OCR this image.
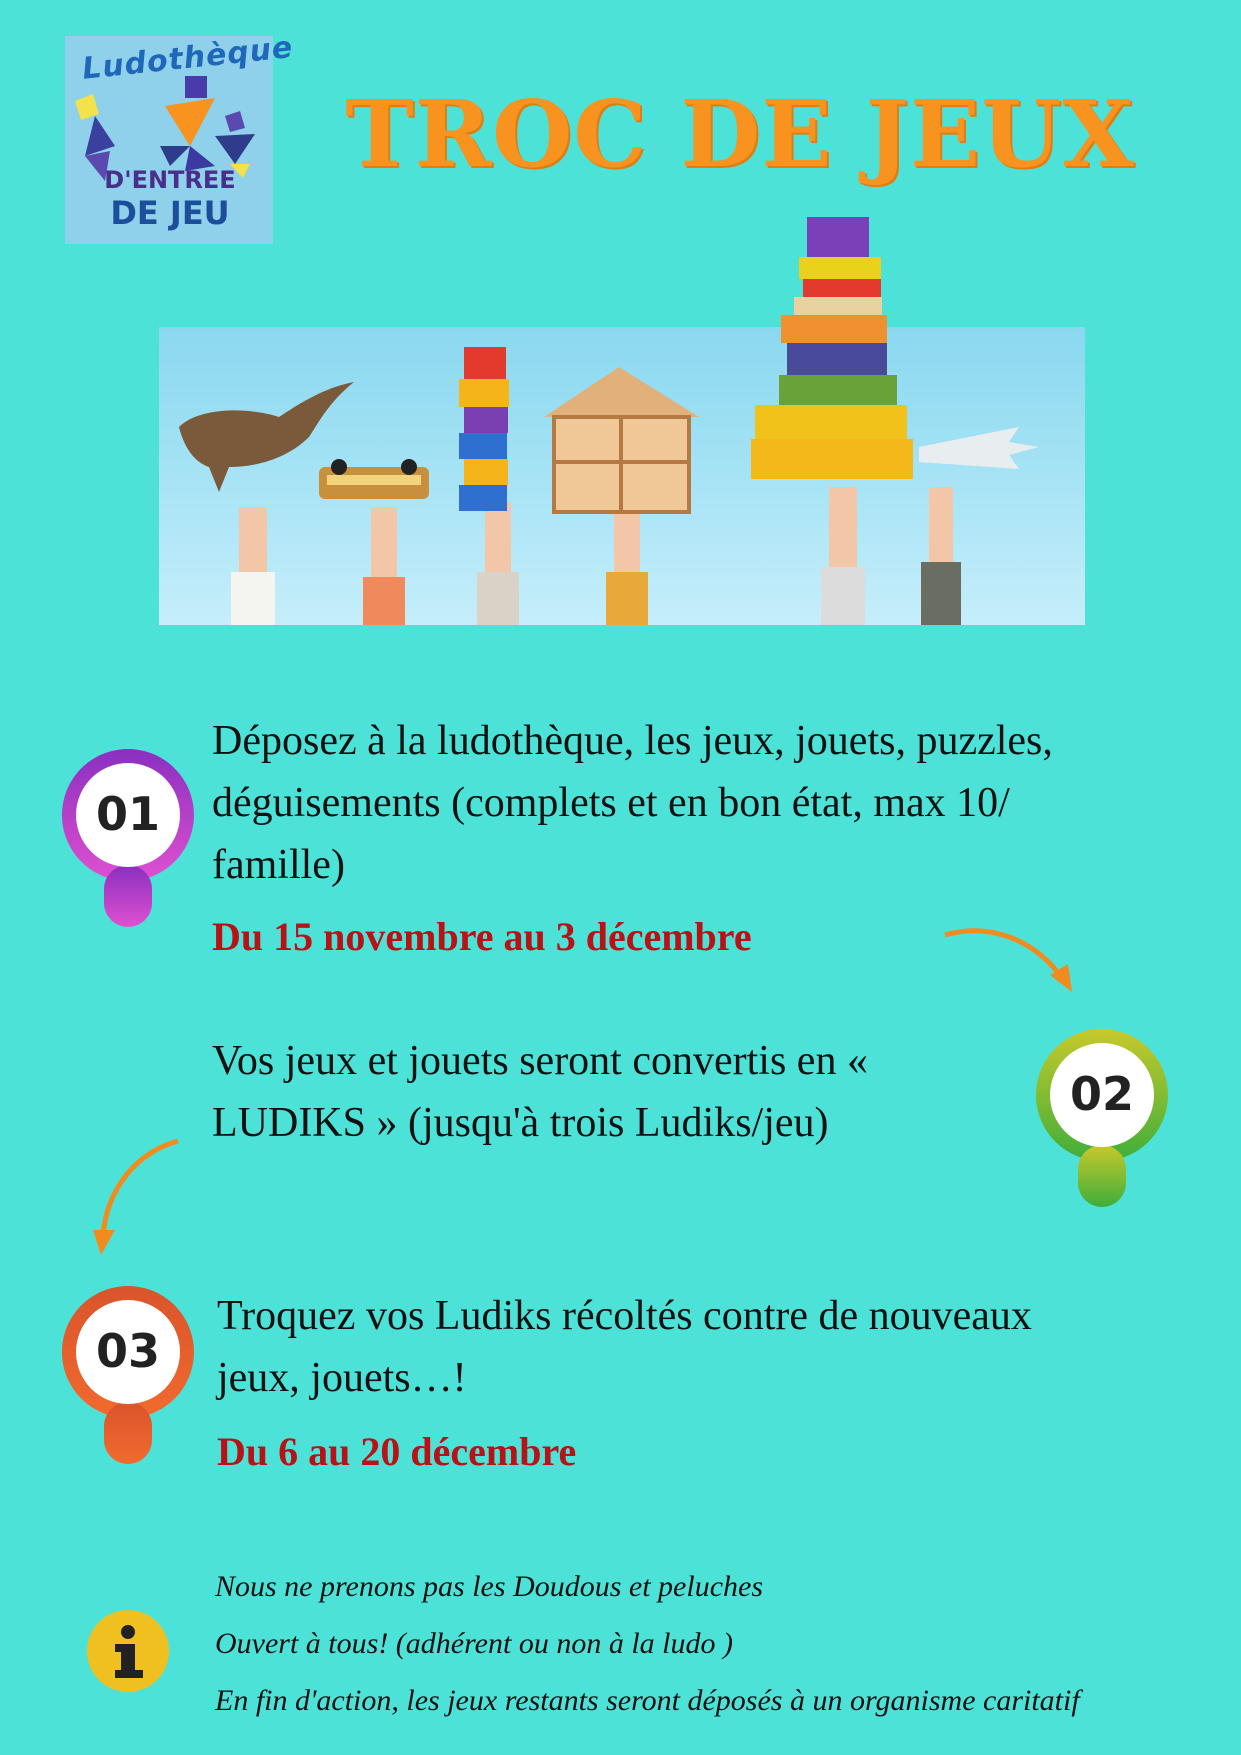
Ludothèque
D'ENTREE
DE JEU
TROC DE JEUX
01
Déposez à la ludothèque, les jeux, jouets, puzzles, déguisements (complets et en bon état, max 10/ famille)
Du 15 novembre au 3 décembre
02
Vos jeux et jouets seront convertis en « LUDIKS » (jusqu'à trois Ludiks/jeu)
03
Troquez vos Ludiks récoltés contre de nouveaux jeux, jouets…!
Du 6 au 20 décembre
Nous ne prenons pas les Doudous et peluches
Ouvert à tous! (adhérent ou non à la ludo )
En fin d'action, les jeux restants seront déposés à un organisme caritatif
